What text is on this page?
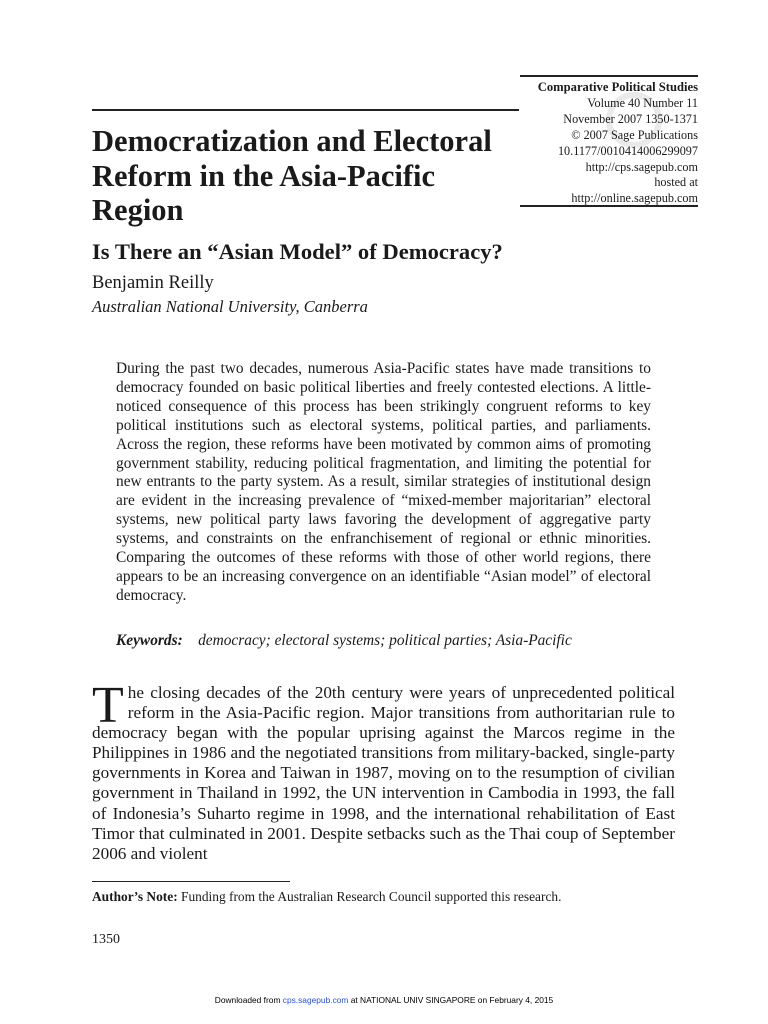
Comparative Political Studies
Volume 40 Number 11
November 2007 1350-1371
© 2007 Sage Publications
10.1177/0010414006299097
http://cps.sagepub.com
hosted at
http://online.sagepub.com
Democratization and Electoral Reform in the Asia-Pacific Region
Is There an “Asian Model” of Democracy?
Benjamin Reilly
Australian National University, Canberra
During the past two decades, numerous Asia-Pacific states have made transitions to democracy founded on basic political liberties and freely contested elections. A little-noticed consequence of this process has been strikingly congruent reforms to key political institutions such as electoral systems, political parties, and parliaments. Across the region, these reforms have been motivated by common aims of promoting government stability, reducing political fragmentation, and limiting the potential for new entrants to the party system. As a result, similar strategies of institutional design are evident in the increasing prevalence of “mixed-member majoritarian” electoral systems, new political party laws favoring the development of aggregative party systems, and constraints on the enfranchisement of regional or ethnic minorities. Comparing the outcomes of these reforms with those of other world regions, there appears to be an increasing convergence on an identifiable “Asian model” of electoral democracy.
Keywords: democracy; electoral systems; political parties; Asia-Pacific
The closing decades of the 20th century were years of unprecedented political reform in the Asia-Pacific region. Major transitions from authoritarian rule to democracy began with the popular uprising against the Marcos regime in the Philippines in 1986 and the negotiated transitions from military-backed, single-party governments in Korea and Taiwan in 1987, moving on to the resumption of civilian government in Thailand in 1992, the UN intervention in Cambodia in 1993, the fall of Indonesia’s Suharto regime in 1998, and the international rehabilitation of East Timor that culminated in 2001. Despite setbacks such as the Thai coup of September 2006 and violent
Author’s Note: Funding from the Australian Research Council supported this research.
1350
Downloaded from cps.sagepub.com at NATIONAL UNIV SINGAPORE on February 4, 2015
